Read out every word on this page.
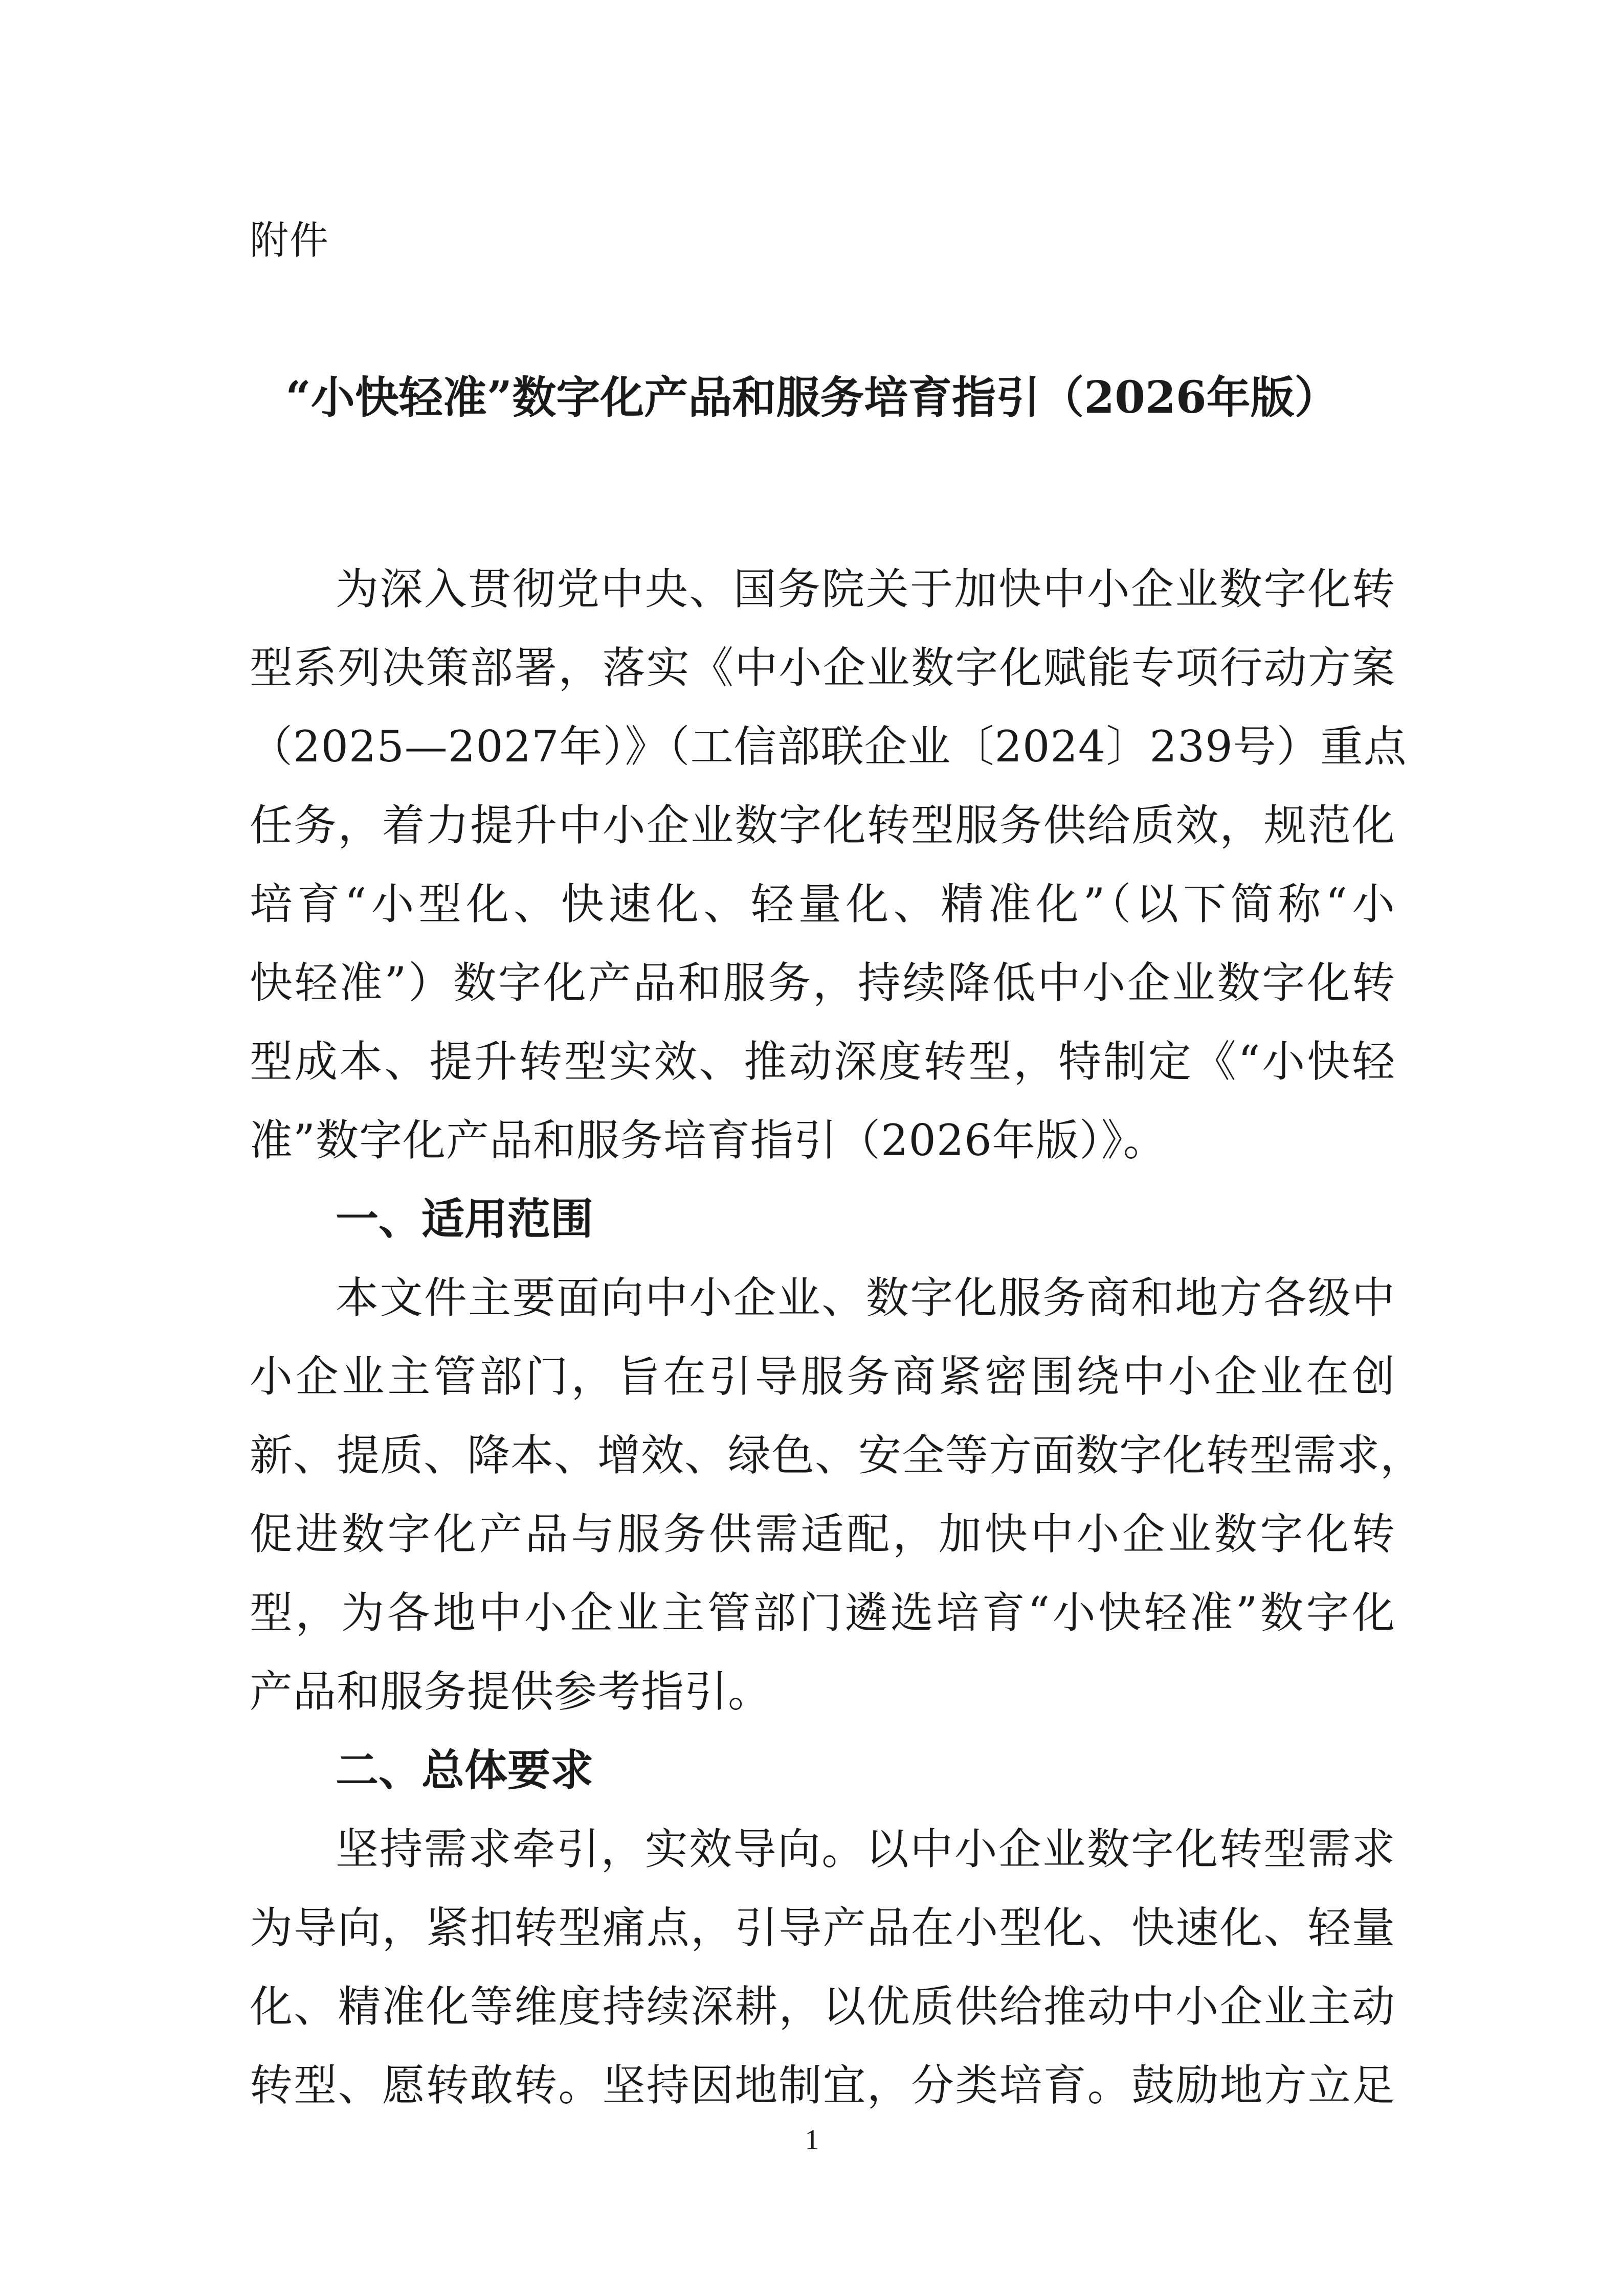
附件
“小快轻准”数字化产品和服务培育指引（2026年版）
为深入贯彻党中央、国务院关于加快中小企业数字化转
型系列决策部署，落实《中小企业数字化赋能专项行动方案
（2025—2027年）》（工信部联企业〔2024〕239号）重点
任务，着力提升中小企业数字化转型服务供给质效，规范化
培育“小型化、快速化、轻量化、精准化”（以下简称“小
快轻准”）数字化产品和服务，持续降低中小企业数字化转
型成本、提升转型实效、推动深度转型，特制定《“小快轻
准”数字化产品和服务培育指引（2026年版）》。
一、适用范围
本文件主要面向中小企业、数字化服务商和地方各级中
小企业主管部门，旨在引导服务商紧密围绕中小企业在创
新、提质、降本、增效、绿色、安全等方面数字化转型需求，
促进数字化产品与服务供需适配，加快中小企业数字化转
型，为各地中小企业主管部门遴选培育“小快轻准”数字化
产品和服务提供参考指引。
二、总体要求
坚持需求牵引，实效导向。以中小企业数字化转型需求
为导向，紧扣转型痛点，引导产品在小型化、快速化、轻量
化、精准化等维度持续深耕，以优质供给推动中小企业主动
转型、愿转敢转。坚持因地制宜，分类培育。鼓励地方立足
1
